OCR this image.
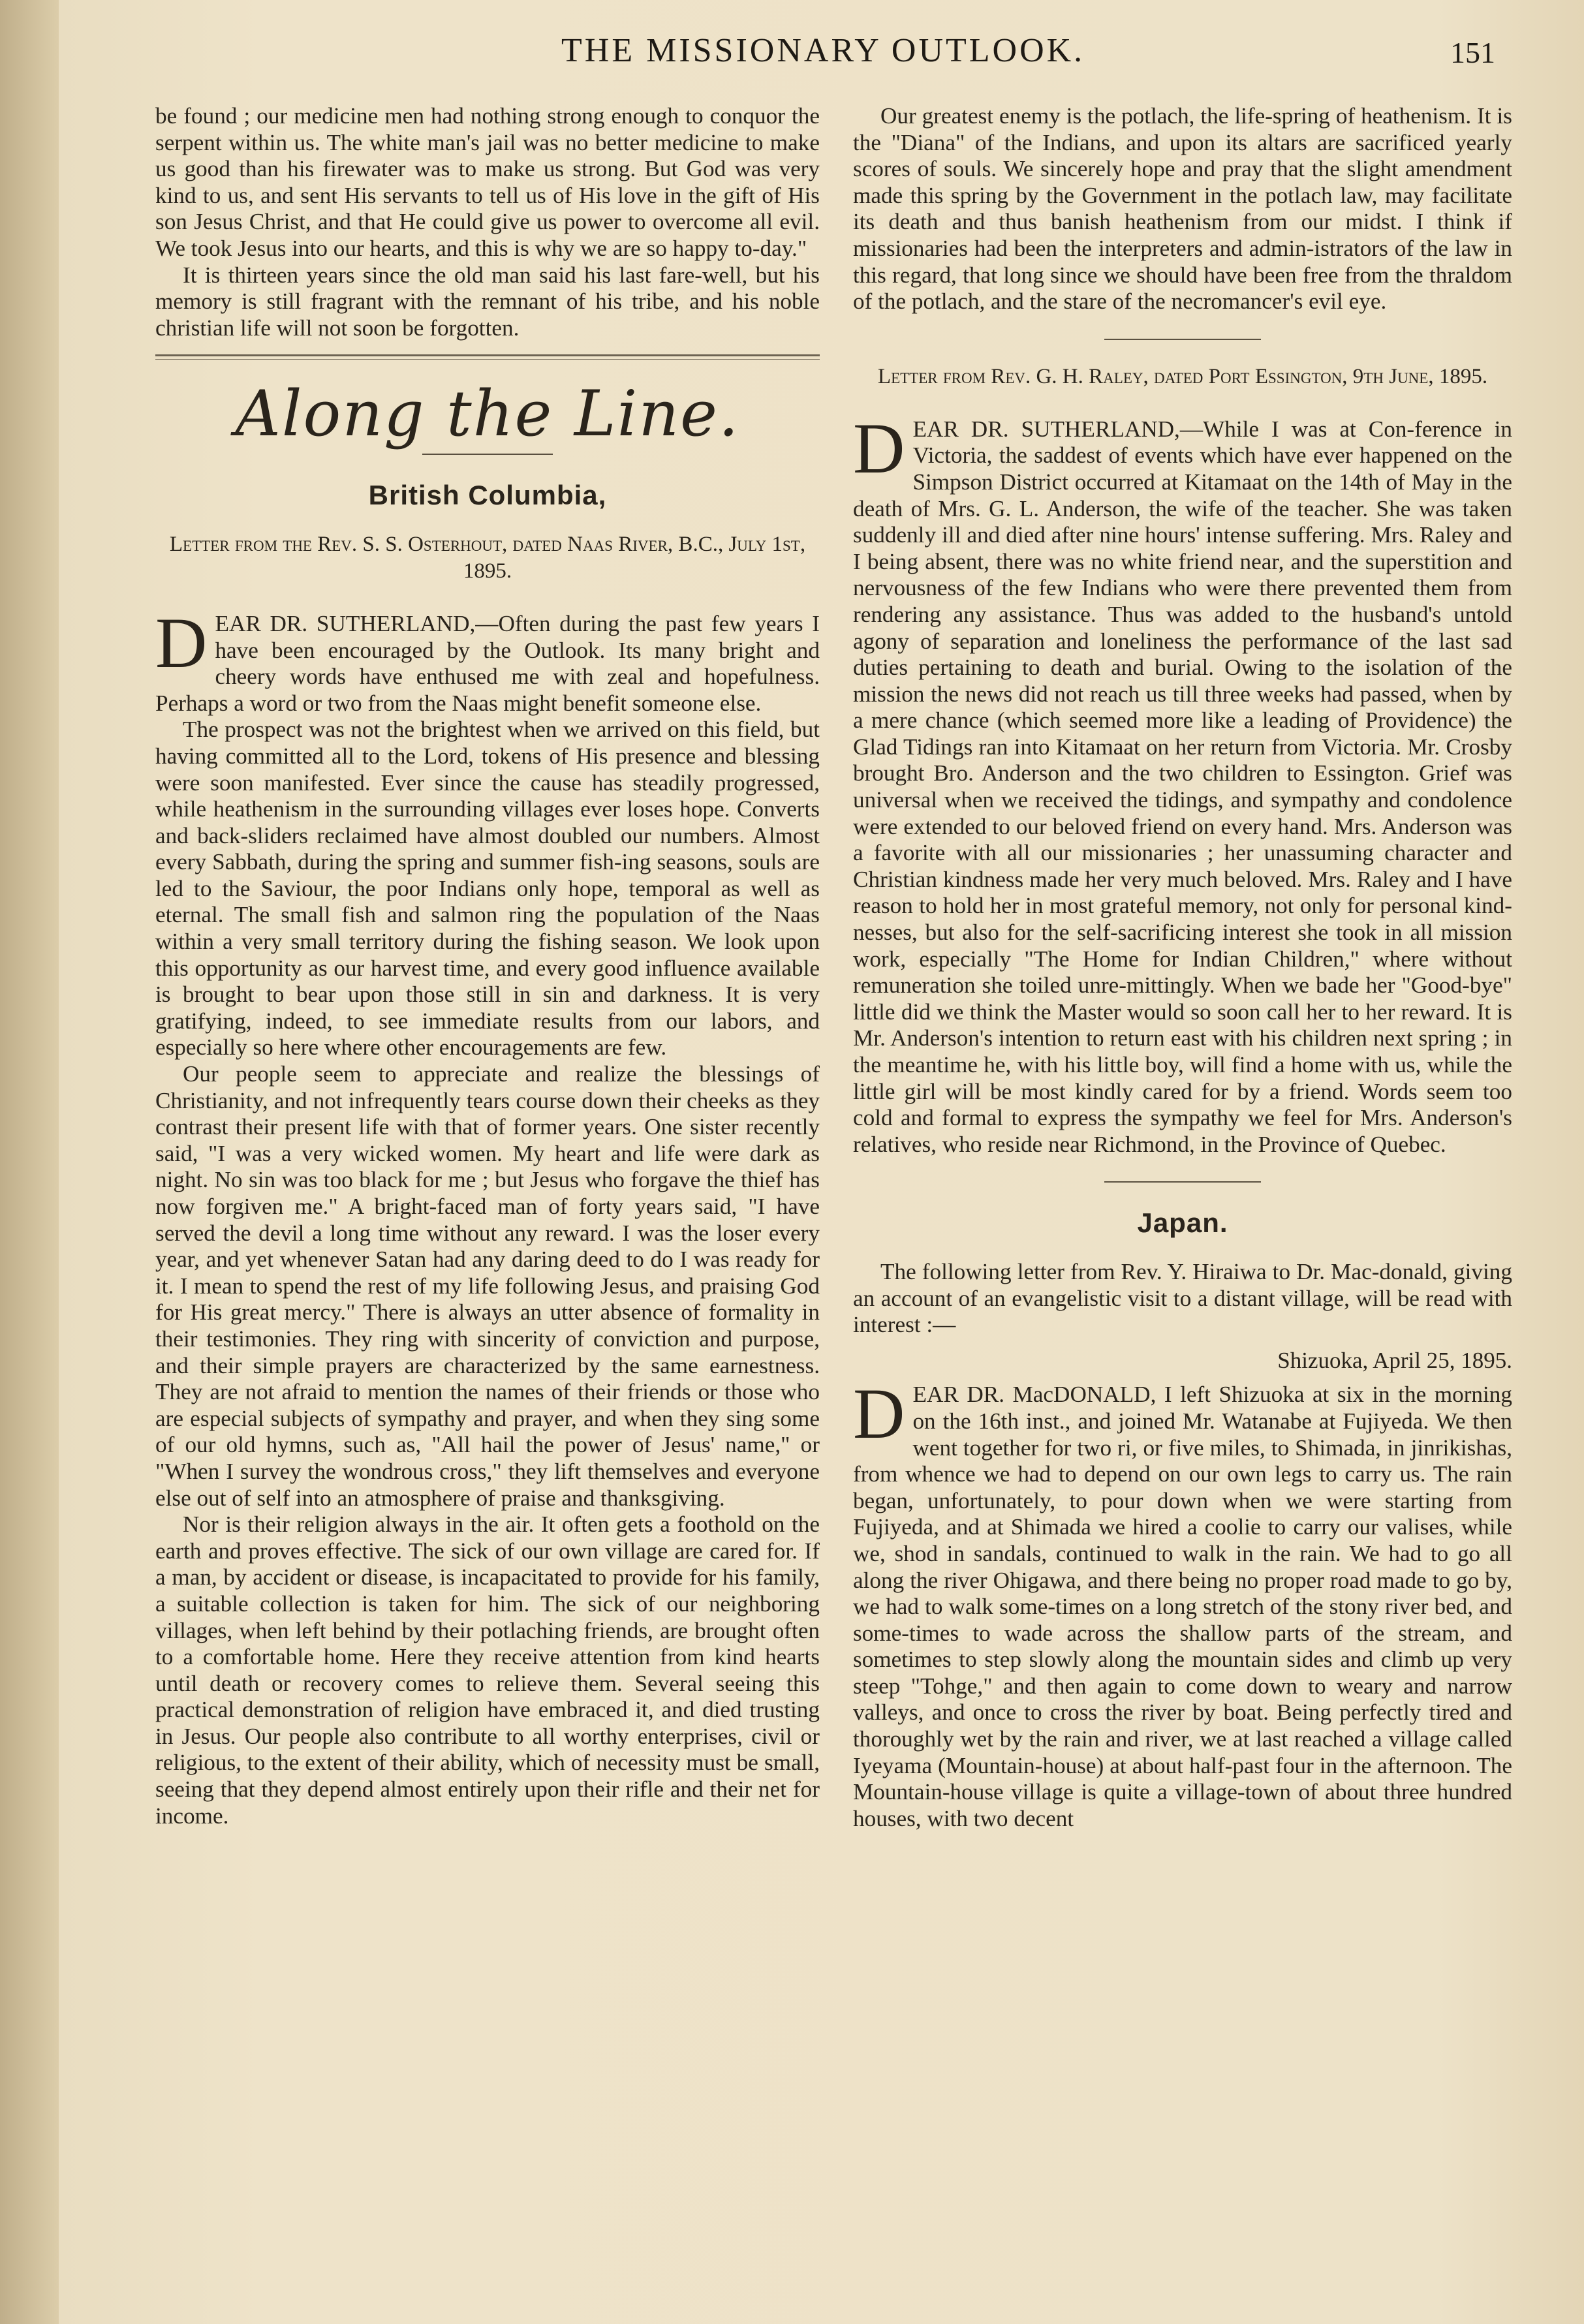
THE MISSIONARY OUTLOOK.	151

be found ; our medicine men had nothing strong enough to conquor the serpent within us. The white man's jail was no better medicine to make us good than his firewater was to make us strong. But God was very kind to us, and sent His servants to tell us of His love in the gift of His son Jesus Christ, and that He could give us power to overcome all evil. We took Jesus into our hearts, and this is why we are so happy to-day."

It is thirteen years since the old man said his last fare-well, but his memory is still fragrant with the remnant of his tribe, and his noble christian life will not soon be forgotten.

Along the Line.
British Columbia,
Letter from the Rev. S. S. Osterhout, dated Naas River, B.C., July 1st, 1895.

DEAR DR. SUTHERLAND,—Often during the past few years I have been encouraged by the Outlook. Its many bright and cheery words have enthused me with zeal and hopefulness. Perhaps a word or two from the Naas might benefit someone else.

The prospect was not the brightest when we arrived on this field, but having committed all to the Lord, tokens of His presence and blessing were soon manifested. Ever since the cause has steadily progressed, while heathenism in the surrounding villages ever loses hope. Converts and back-sliders reclaimed have almost doubled our numbers. Almost every Sabbath, during the spring and summer fish-ing seasons, souls are led to the Saviour, the poor Indians only hope, temporal as well as eternal. The small fish and salmon ring the population of the Naas within a very small territory during the fishing season. We look upon this opportunity as our harvest time, and every good influence available is brought to bear upon those still in sin and darkness. It is very gratifying, indeed, to see immediate results from our labors, and especially so here where other encouragements are few.

Our people seem to appreciate and realize the blessings of Christianity, and not infrequently tears course down their cheeks as they contrast their present life with that of former years. One sister recently said, "I was a very wicked women. My heart and life were dark as night. No sin was too black for me ; but Jesus who forgave the thief has now forgiven me." A bright-faced man of forty years said, "I have served the devil a long time without any reward. I was the loser every year, and yet whenever Satan had any daring deed to do I was ready for it. I mean to spend the rest of my life following Jesus, and praising God for His great mercy." There is always an utter absence of formality in their testimonies. They ring with sincerity of conviction and purpose, and their simple prayers are characterized by the same earnestness. They are not afraid to mention the names of their friends or those who are especial subjects of sympathy and prayer, and when they sing some of our old hymns, such as, "All hail the power of Jesus' name," or "When I survey the wondrous cross," they lift themselves and everyone else out of self into an atmosphere of praise and thanksgiving.

Nor is their religion always in the air. It often gets a foothold on the earth and proves effective. The sick of our own village are cared for. If a man, by accident or disease, is incapacitated to provide for his family, a suitable collection is taken for him. The sick of our neighboring villages, when left behind by their potlaching friends, are brought often to a comfortable home. Here they receive attention from kind hearts until death or recovery comes to relieve them. Several seeing this practical demonstration of religion have embraced it, and died trusting in Jesus. Our people also contribute to all worthy enterprises, civil or religious, to the extent of their ability, which of necessity must be small, seeing that they depend almost entirely upon their rifle and their net for income.

Our greatest enemy is the potlach, the life-spring of heathenism. It is the "Diana" of the Indians, and upon its altars are sacrificed yearly scores of souls. We sincerely hope and pray that the slight amendment made this spring by the Government in the potlach law, may facilitate its death and thus banish heathenism from our midst. I think if missionaries had been the interpreters and admin-istrators of the law in this regard, that long since we should have been free from the thraldom of the potlach, and the stare of the necromancer's evil eye.

Letter from Rev. G. H. Raley, dated Port Essington, 9th June, 1895.

DEAR DR. SUTHERLAND,—While I was at Con-ference in Victoria, the saddest of events which have ever happened on the Simpson District occurred at Kitamaat on the 14th of May in the death of Mrs. G. L. Anderson, the wife of the teacher. She was taken suddenly ill and died after nine hours' intense suffering. Mrs. Raley and I being absent, there was no white friend near, and the superstition and nervousness of the few Indians who were there prevented them from rendering any assistance. Thus was added to the husband's untold agony of separation and loneliness the performance of the last sad duties pertaining to death and burial. Owing to the isolation of the mission the news did not reach us till three weeks had passed, when by a mere chance (which seemed more like a leading of Providence) the Glad Tidings ran into Kitamaat on her return from Victoria. Mr. Crosby brought Bro. Anderson and the two children to Essington. Grief was universal when we received the tidings, and sympathy and condolence were extended to our beloved friend on every hand. Mrs. Anderson was a favorite with all our missionaries ; her unassuming character and Christian kindness made her very much beloved. Mrs. Raley and I have reason to hold her in most grateful memory, not only for personal kind-nesses, but also for the self-sacrificing interest she took in all mission work, especially "The Home for Indian Children," where without remuneration she toiled unre-mittingly. When we bade her "Good-bye" little did we think the Master would so soon call her to her reward. It is Mr. Anderson's intention to return east with his children next spring ; in the meantime he, with his little boy, will find a home with us, while the little girl will be most kindly cared for by a friend. Words seem too cold and formal to express the sympathy we feel for Mrs. Anderson's relatives, who reside near Richmond, in the Province of Quebec.

Japan.

The following letter from Rev. Y. Hiraiwa to Dr. Mac-donald, giving an account of an evangelistic visit to a distant village, will be read with interest :—

Shizuoka, April 25, 1895.

DEAR DR. MacDONALD, I left Shizuoka at six in the morning on the 16th inst., and joined Mr. Watanabe at Fujiyeda. We then went together for two ri, or five miles, to Shimada, in jinrikishas, from whence we had to depend on our own legs to carry us. The rain began, unfortunately, to pour down when we were starting from Fujiyeda, and at Shimada we hired a coolie to carry our valises, while we, shod in sandals, continued to walk in the rain. We had to go all along the river Ohigawa, and there being no proper road made to go by, we had to walk some-times on a long stretch of the stony river bed, and some-times to wade across the shallow parts of the stream, and sometimes to step slowly along the mountain sides and climb up very steep "Tohge," and then again to come down to weary and narrow valleys, and once to cross the river by boat. Being perfectly tired and thoroughly wet by the rain and river, we at last reached a village called Iyeyama (Mountain-house) at about half-past four in the afternoon. The Mountain-house village is quite a village-town of about three hundred houses, with two decent
